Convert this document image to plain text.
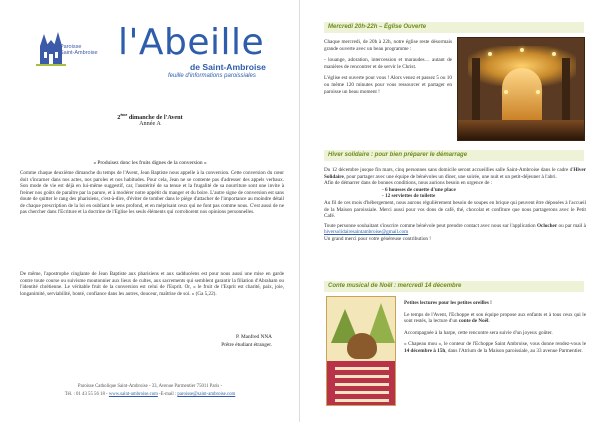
Paroisse
Saint-Ambroise l'Abeille
de Saint-Ambroise
feuille d'informations paroissiales
2ème dimanche de l'Avent
Année A
« Produisez donc les fruits dignes de la conversion »
Comme chaque deuxième dimanche du temps de l'Avent, Jean Baptiste nous appelle à la conversion. Cette conversion du cœur doit s'incarner dans nos actes, nos paroles et nos habitudes. Pour cela, Jean ne se contente pas d'adresser des appels verbaux. Son mode de vie est déjà en lui-même suggestif, car, l'austérité de sa tenue et la frugalité de sa nourriture sont une invite à freiner nos goûts de paraître par la parure, et à modérer notre appétit du manger et du boire. L'autre signe de conversion est sans doute de quitter le rang des pharisiens, c'est-à-dire, d'éviter de tomber dans le piège d'attacher de l'importance au moindre détail de chaque prescription de la loi en oubliant le sens profond, et en méprisant ceux qui ne font pas comme nous. C'est aussi de ne pas chercher dans l'Ecriture et la doctrine de l'Eglise les seuls éléments qui corroborent nos opinions personnelles.
De même, l'apostrophe cinglante de Jean Baptiste aux pharisiens et aux sadducéens est pour nous aussi une mise en garde contre toute course ou suivisme moutonnier aux lieux de cultes, aux sacrements qui semblent garantir la filiation d'Abraham ou l'identité chrétienne. Le véritable fruit de la conversion est celui de l'Esprit. Or, « le fruit de l'Esprit est charité, paix, joie, longanimité, serviabilité, bonté, confiance dans les autres, douceur, maîtrise de soi. » (Ga 5,22).
P. Manfred NNA
Prêtre étudiant étranger.
Paroisse Catholique Saint-Ambroise - 33, Avenue Parmentier 75011 Paris -
Tél. : 01 43 55 56 18 - www.saint-ambroise.com -E-mail : paroisse@saint-ambroise.com
Mercredi 20h-22h – Église Ouverte
Chaque mercredi, de 20h à 22h, notre église reste désormais grande ouverte avec un beau programme :
- louange, adoration, intercession et maraudes… autant de manières de rencontrer et de servir le Christ.
L'église est ouverte pour vous ! Alors venez et passez 5 ou 10 ou même 120 minutes pour vous ressourcer et partager en paroisse un beau moment !
Hiver solidaire : pour bien préparer le démarrage
Du 12 décembre jusque fin mars, cinq personnes sans domicile seront accueillies salle Saint-Ambroise dans le cadre d'Hiver Solidaire, pour partager avec une équipe de bénévoles un dîner, une soirée, une nuit et un petit-déjeuner à l'abri.
Afin de démarrer dans de bonnes conditions, nous aurions besoin en urgence de :
- 6 housses de couette d'une place
- 12 serviettes de toilette
Au fil de ces mois d'hébergement, nous aurons régulièrement besoin de soupes en brique qui peuvent être déposées à l'accueil de la Maison paroissiale. Merci aussi pour vos dons de café, thé, chocolat et confiture que nous partagerons avec le Petit Café.
Toute personne souhaitant s'inscrire comme bénévole peut prendre contact avec nous sur l'application Oclocher ou par mail à hiversolidairesaintambroise@gmail.com
Un grand merci pour votre généreuse contribution !
Conte musical de Noël : mercredi 14 décembre
Petites lectures pour les petites oreilles !
Le temps de l'Avent, l'Echoppe et son équipe propose aux enfants et à tous ceux qui le sont restés, la lecture d'un conte de Noël.
Accompagnée à la harpe, cette rencontre sera suivie d'un joyeux goûter.
« Chapeau mou », le conteur de l'Echoppe Saint Ambroise, vous donne rendez-vous le 14 décembre à 15h, dans l'Atrium de la Maison paroissiale, au 33 avenue Parmentier.
